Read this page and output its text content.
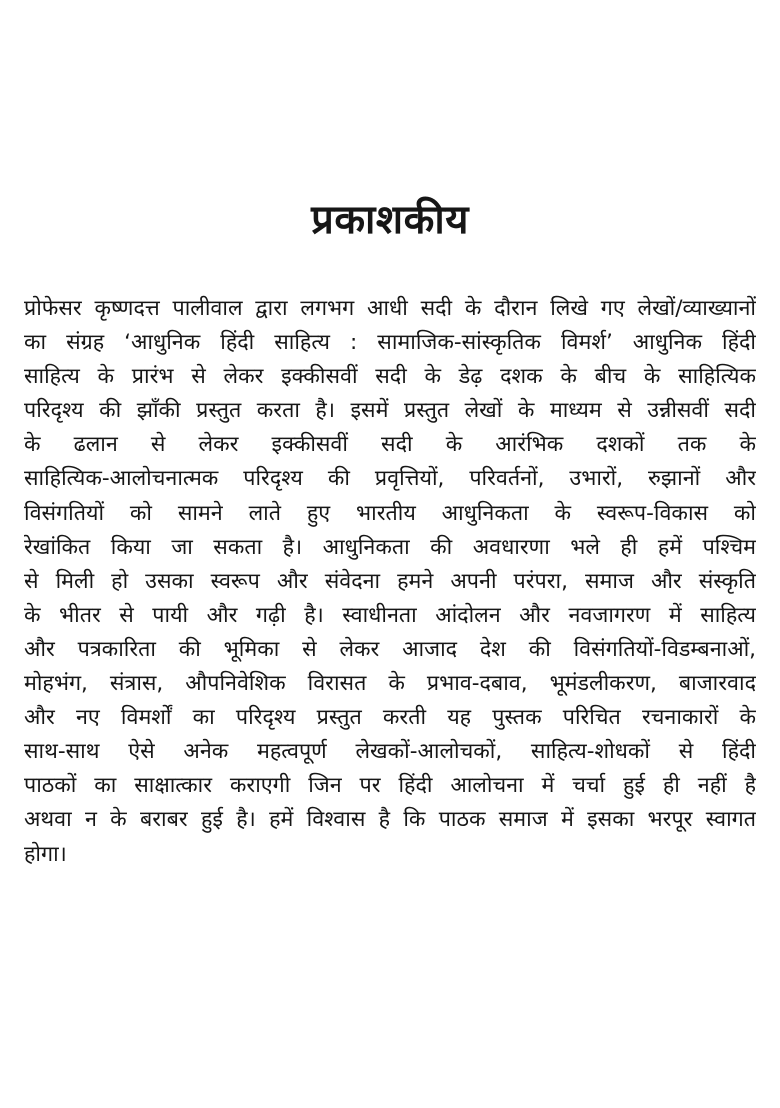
प्रकाशकीय
प्रोफेसर कृष्णदत्त पालीवाल द्वारा लगभग आधी सदी के दौरान लिखे गए लेखों/व्याख्यानों
का संग्रह ‘आधुनिक हिंदी साहित्य : सामाजिक-सांस्कृतिक विमर्श’ आधुनिक हिंदी
साहित्य के प्रारंभ से लेकर इक्कीसवीं सदी के डेढ़ दशक के बीच के साहित्यिक
परिदृश्य की झाँकी प्रस्तुत करता है। इसमें प्रस्तुत लेखों के माध्यम से उन्नीसवीं सदी
के ढलान से लेकर इक्कीसवीं सदी के आरंभिक दशकों तक के
साहित्यिक-आलोचनात्मक परिदृश्य की प्रवृत्तियों, परिवर्तनों, उभारों, रुझानों और
विसंगतियों को सामने लाते हुए भारतीय आधुनिकता के स्वरूप-विकास को
रेखांकित किया जा सकता है। आधुनिकता की अवधारणा भले ही हमें पश्चिम
से मिली हो उसका स्वरूप और संवेदना हमने अपनी परंपरा, समाज और संस्कृति
के भीतर से पायी और गढ़ी है। स्वाधीनता आंदोलन और नवजागरण में साहित्य
और पत्रकारिता की भूमिका से लेकर आजाद देश की विसंगतियों-विडम्बनाओं,
मोहभंग, संत्रास, औपनिवेशिक विरासत के प्रभाव-दबाव, भूमंडलीकरण, बाजारवाद
और नए विमर्शों का परिदृश्य प्रस्तुत करती यह पुस्तक परिचित रचनाकारों के
साथ-साथ ऐसे अनेक महत्वपूर्ण लेखकों-आलोचकों, साहित्य-शोधकों से हिंदी
पाठकों का साक्षात्कार कराएगी जिन पर हिंदी आलोचना में चर्चा हुई ही नहीं है
अथवा न के बराबर हुई है। हमें विश्वास है कि पाठक समाज में इसका भरपूर स्वागत
होगा।
